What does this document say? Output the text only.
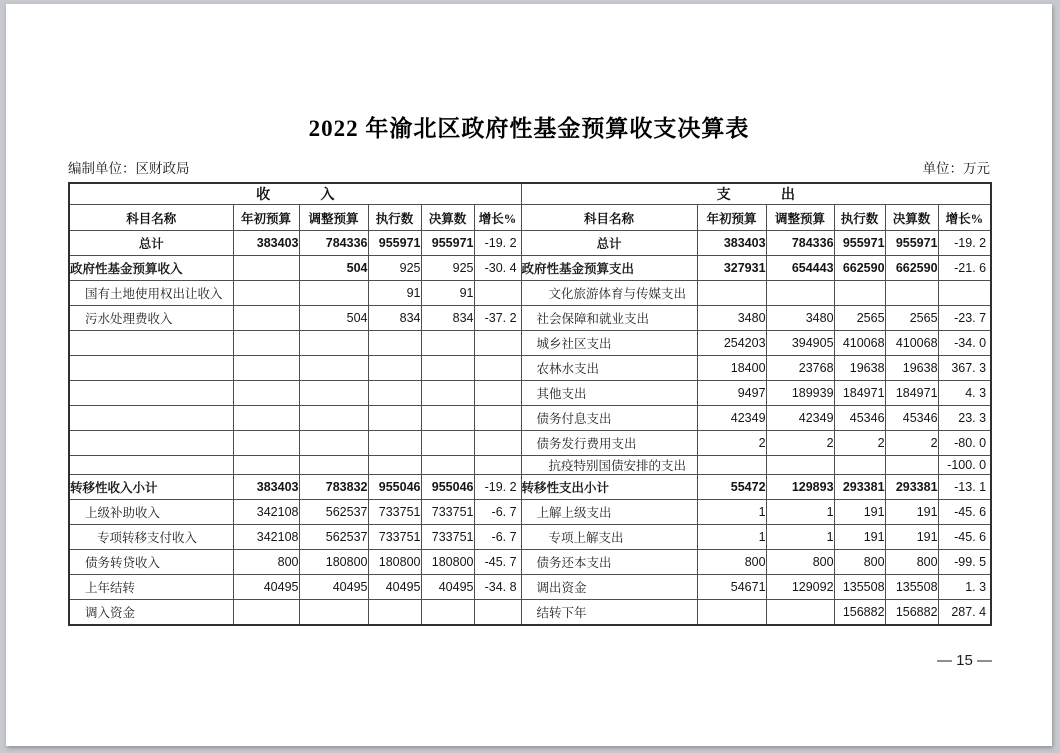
2022 年渝北区政府性基金预算收支决算表
编制单位：区财政局	单位：万元
收入						支出					
科目名称	年初预算	调整预算	执行数	决算数	增长%	科目名称	年初预算	调整预算	执行数	决算数	增长%
总计	383403	784336	955971	955971	-19. 2	总计	383403	784336	955971	955971	-19. 2
政府性基金预算收入		504	925	925	-30. 4	政府性基金预算支出	327931	654443	662590	662590	-21. 6
国有土地使用权出让收入			91	91		文化旅游体育与传媒支出					
污水处理费收入		504	834	834	-37. 2	社会保障和就业支出	3480	3480	2565	2565	-23. 7
						城乡社区支出	254203	394905	410068	410068	-34. 0
						农林水支出	18400	23768	19638	19638	367. 3
						其他支出	9497	189939	184971	184971	4. 3
						债务付息支出	42349	42349	45346	45346	23. 3
						债务发行费用支出	2	2	2	2	-80. 0
						抗疫特别国债安排的支出					-100. 0
转移性收入小计	383403	783832	955046	955046	-19. 2	转移性支出小计	55472	129893	293381	293381	-13. 1
上级补助收入	342108	562537	733751	733751	-6. 7	上解上级支出	1	1	191	191	-45. 6
专项转移支付收入	342108	562537	733751	733751	-6. 7	专项上解支出	1	1	191	191	-45. 6
债务转贷收入	800	180800	180800	180800	-45. 7	债务还本支出	800	800	800	800	-99. 5
上年结转	40495	40495	40495	40495	-34. 8	调出资金	54671	129092	135508	135508	1. 3
调入资金						结转下年			156882	156882	287. 4
— 15 —
